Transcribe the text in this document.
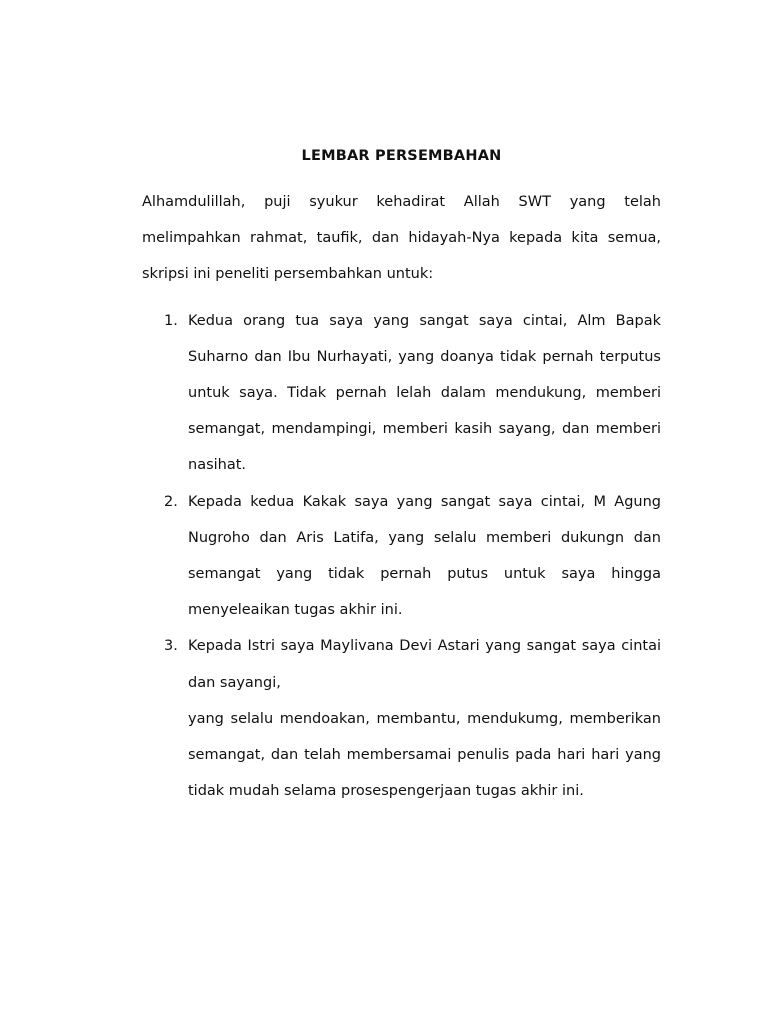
LEMBAR PERSEMBAHAN

Alhamdulillah, puji syukur kehadirat Allah SWT yang telah melimpahkan rahmat, taufik, dan hidayah-Nya kepada kita semua, skripsi ini peneliti persembahkan untuk:

1. Kedua orang tua saya yang sangat saya cintai, Alm Bapak Suharno dan Ibu Nurhayati, yang doanya tidak pernah terputus untuk saya. Tidak pernah lelah dalam mendukung, memberi semangat, mendampingi, memberi kasih sayang, dan memberi nasihat.
2. Kepada kedua Kakak saya yang sangat saya cintai, M Agung Nugroho dan Aris Latifa, yang selalu memberi dukungn dan semangat yang tidak pernah putus untuk saya hingga menyeleaikan tugas akhir ini.
3. Kepada Istri saya Maylivana Devi Astari yang sangat saya cintai dan sayangi,
yang selalu mendoakan, membantu, mendukumg, memberikan semangat, dan telah membersamai penulis pada hari hari yang tidak mudah selama prosespengerjaan tugas akhir ini.
